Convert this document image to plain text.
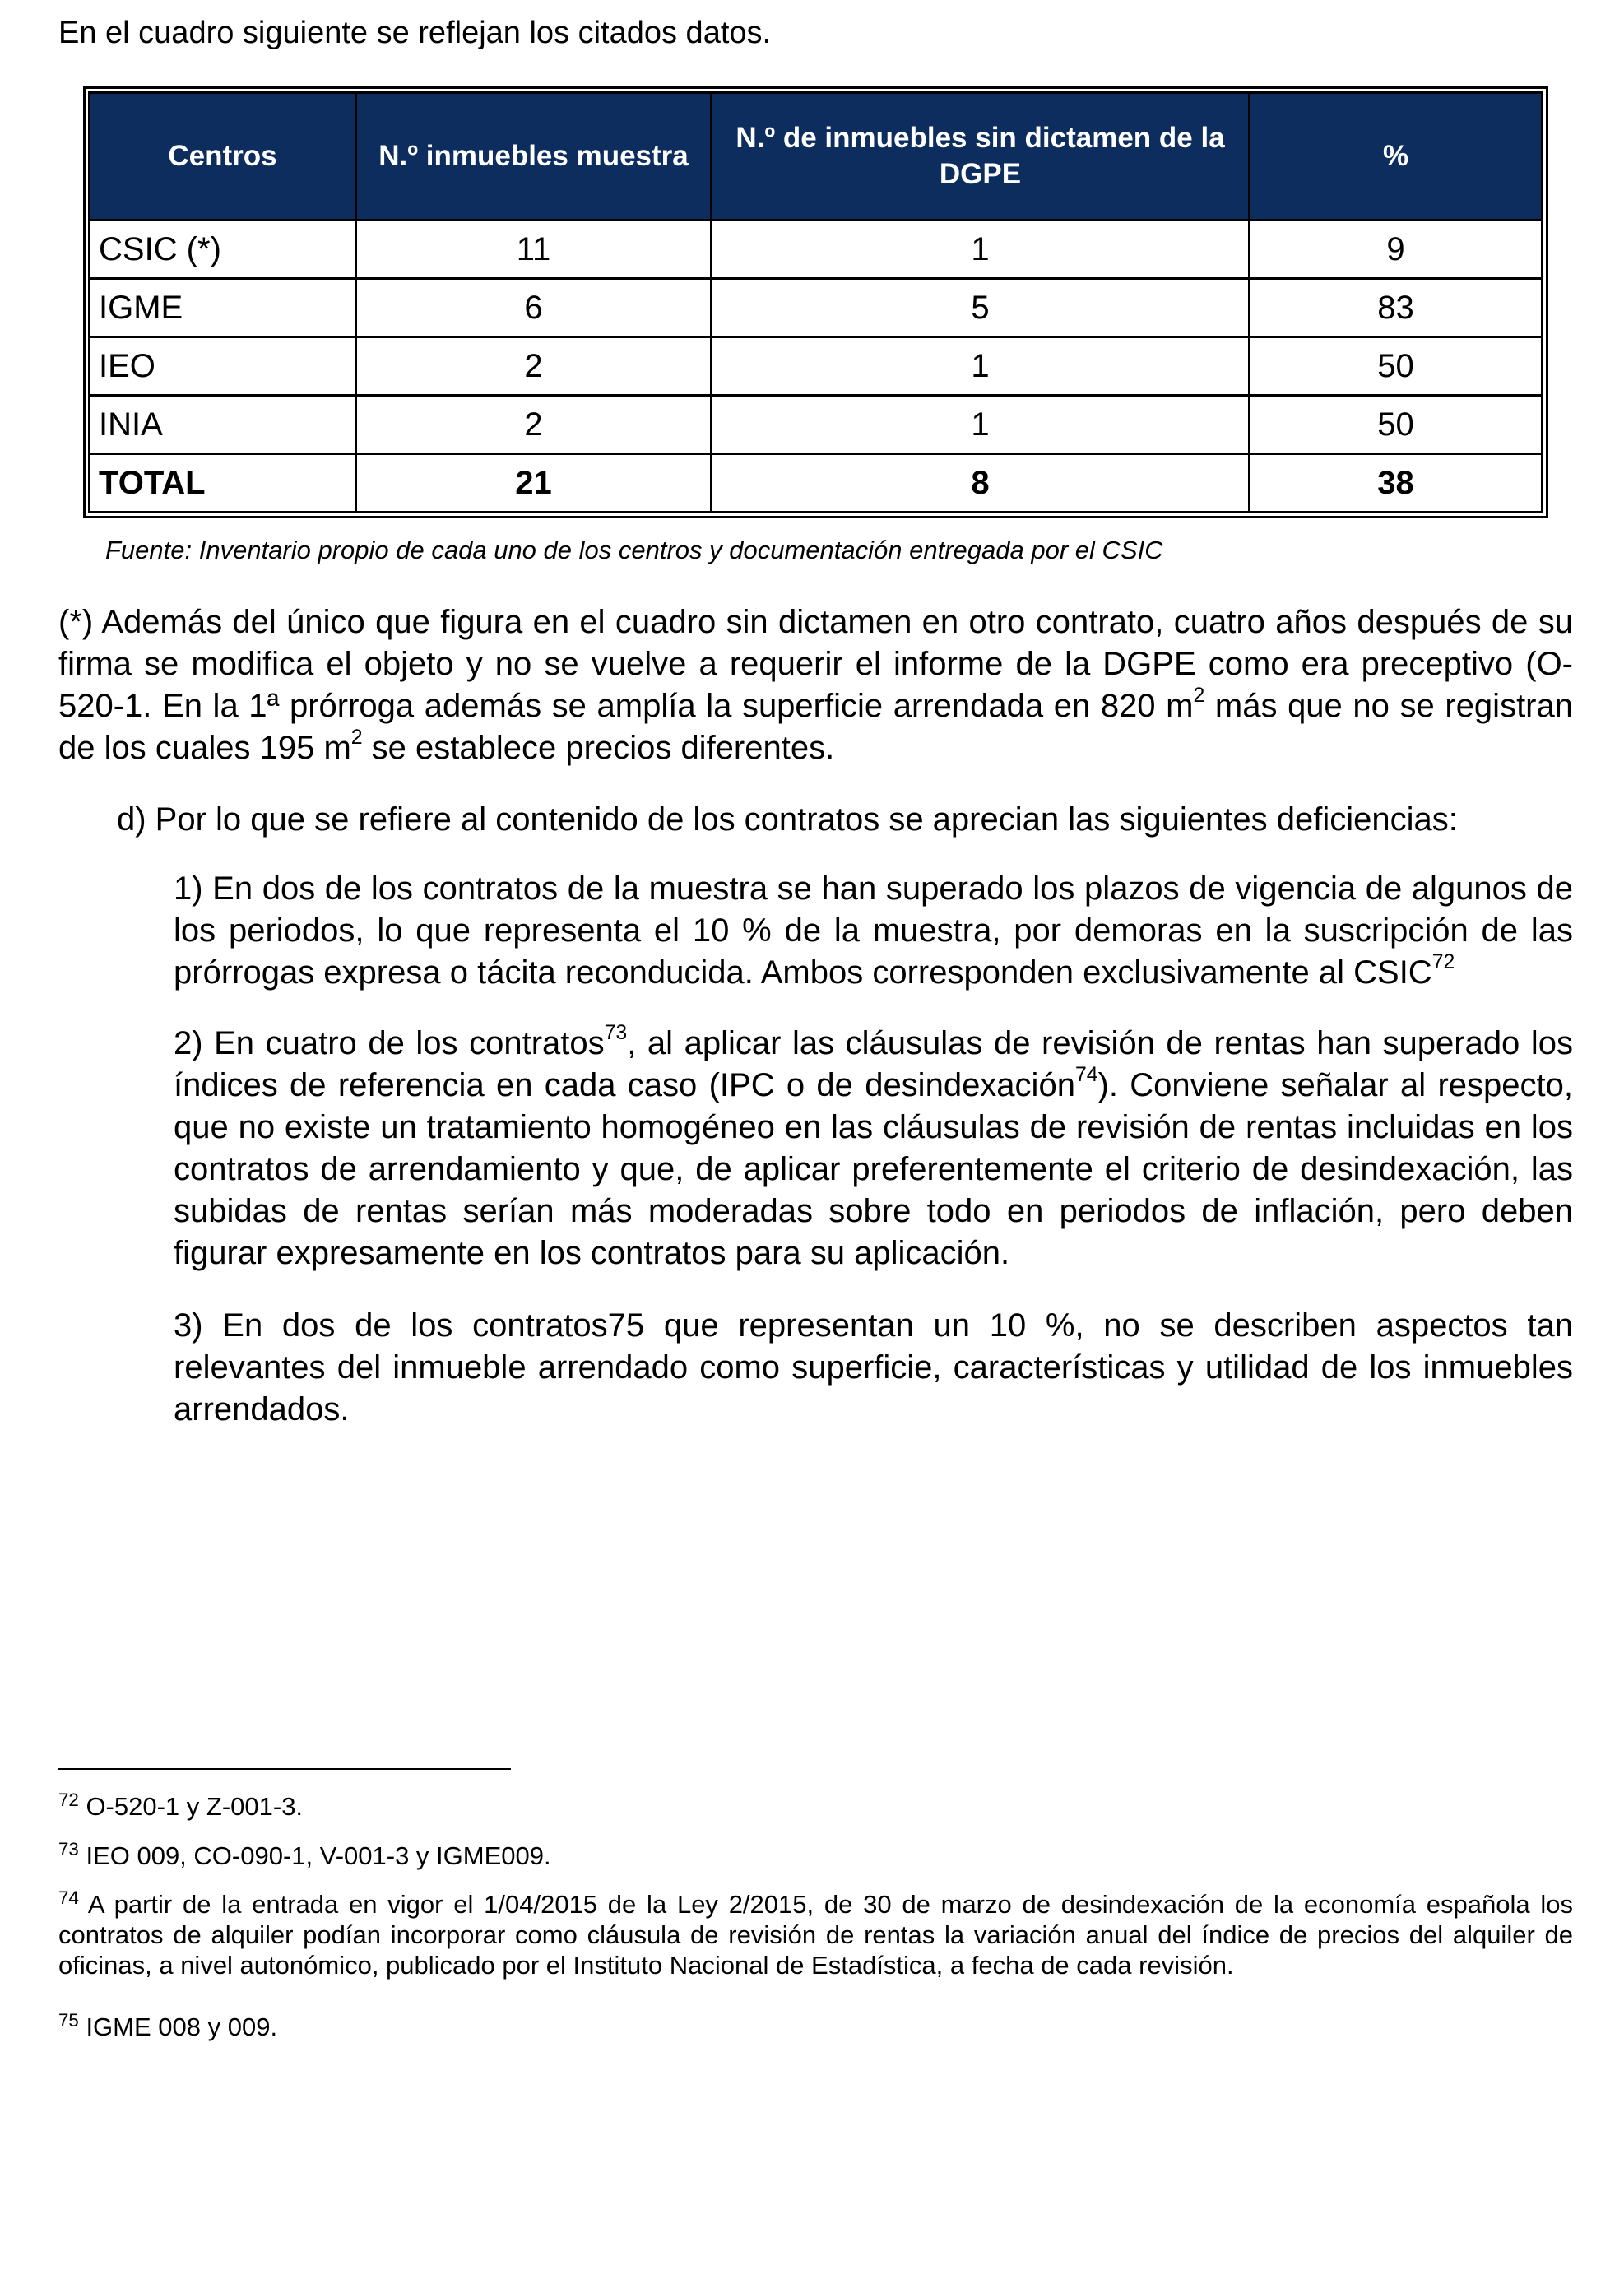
En el cuadro siguiente se reflejan los citados datos.
Centros	N.º inmuebles muestra	N.º de inmuebles sin dictamen de la DGPE	%
CSIC (*)	11	1	9
IGME	6	5	83
IEO	2	1	50
INIA	2	1	50
TOTAL	21	8	38
Fuente: Inventario propio de cada uno de los centros y documentación entregada por el CSIC

(*) Además del único que figura en el cuadro sin dictamen en otro contrato, cuatro años después de su firma se modifica el objeto y no se vuelve a requerir el informe de la DGPE como era preceptivo (O-520-1. En la 1ª prórroga además se amplía la superficie arrendada en 820 $m^2$ más que no se registran de los cuales 195 $m^2$ se establece precios diferentes.

d) Por lo que se refiere al contenido de los contratos se aprecian las siguientes deficiencias:

1) En dos de los contratos de la muestra se han superado los plazos de vigencia de algunos de los periodos, lo que representa el 10 % de la muestra, por demoras en la suscripción de las prórrogas expresa o tácita reconducida. Ambos corresponden exclusivamente al CSIC$^{72}$

2) En cuatro de los contratos$^{73}$, al aplicar las cláusulas de revisión de rentas han superado los índices de referencia en cada caso (IPC o de desindexación$^{74}$). Conviene señalar al respecto, que no existe un tratamiento homogéneo en las cláusulas de revisión de rentas incluidas en los contratos de arrendamiento y que, de aplicar preferentemente el criterio de desindexación, las subidas de rentas serían más moderadas sobre todo en periodos de inflación, pero deben figurar expresamente en los contratos para su aplicación.

3) En dos de los contratos75 que representan un 10 %, no se describen aspectos tan relevantes del inmueble arrendado como superficie, características y utilidad de los inmuebles arrendados.

$^{72}$ O-520-1 y Z-001-3.
$^{73}$ IEO 009, CO-090-1, V-001-3 y IGME009.
$^{74}$ A partir de la entrada en vigor el 1/04/2015 de la Ley 2/2015, de 30 de marzo de desindexación de la economía española los contratos de alquiler podían incorporar como cláusula de revisión de rentas la variación anual del índice de precios del alquiler de oficinas, a nivel autonómico, publicado por el Instituto Nacional de Estadística, a fecha de cada revisión.
$^{75}$ IGME 008 y 009.
